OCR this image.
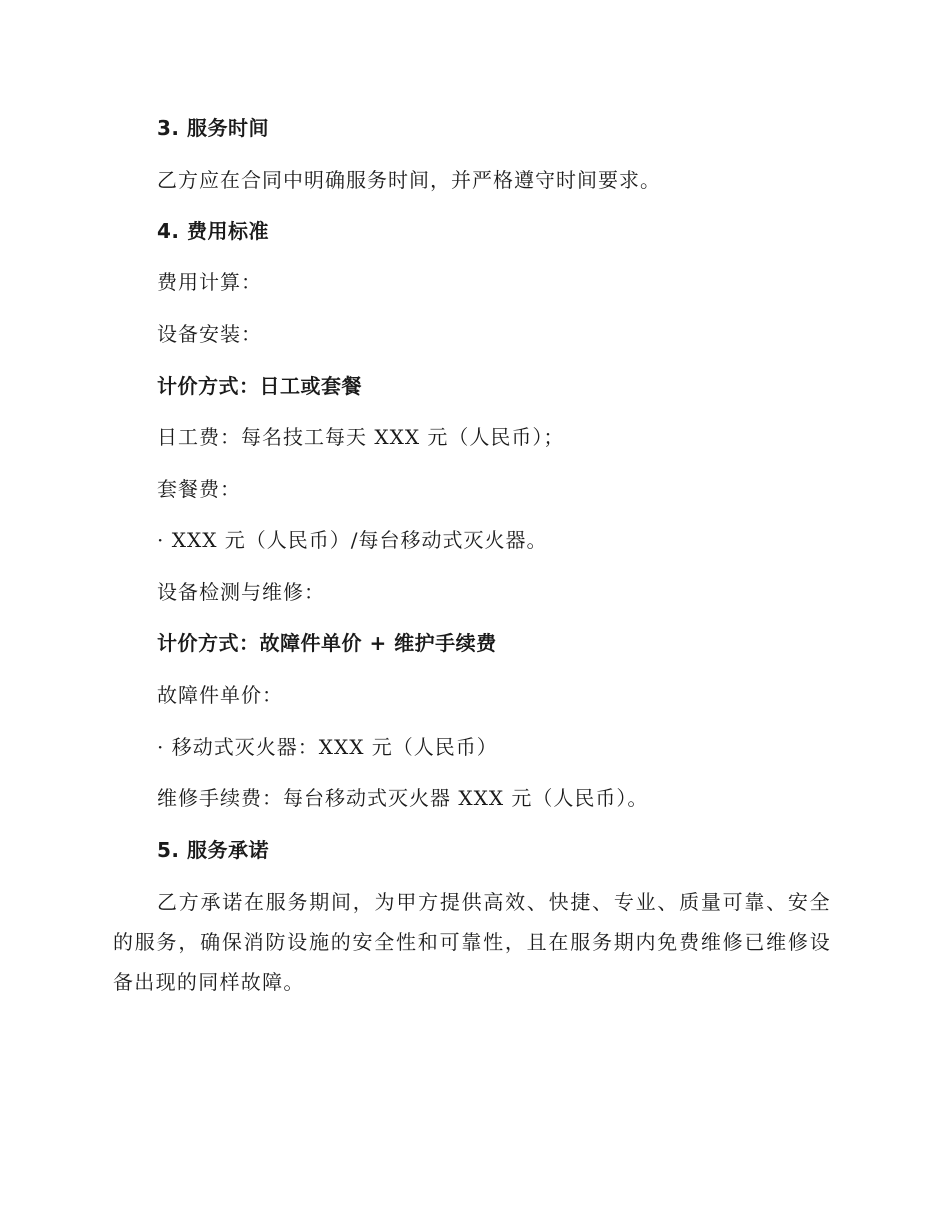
3. 服务时间
乙方应在合同中明确服务时间，并严格遵守时间要求。
4. 费用标准
费用计算：
设备安装：
计价方式：日工或套餐
日工费：每名技工每天 XXX 元（人民币）；
套餐费：
· XXX 元（人民币）/每台移动式灭火器。
设备检测与维修：
计价方式：故障件单价 + 维护手续费
故障件单价：
· 移动式灭火器：XXX 元（人民币）
维修手续费：每台移动式灭火器 XXX 元（人民币）。
5. 服务承诺
乙方承诺在服务期间，为甲方提供高效、快捷、专业、质量可靠、安全的服务，确保消防设施的安全性和可靠性，且在服务期内免费维修已维修设备出现的同样故障。
